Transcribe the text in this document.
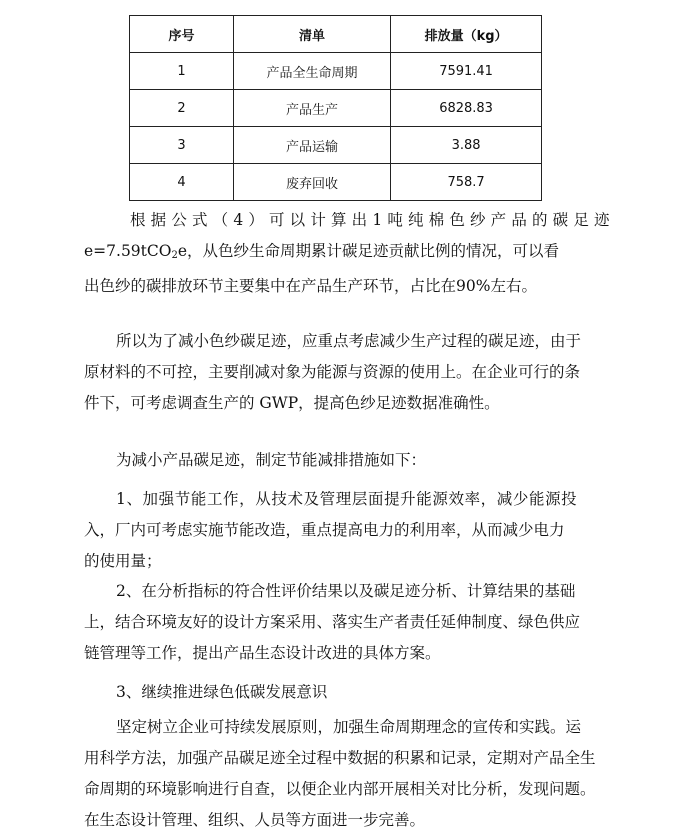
序号	清单	排放量（kg）
1	产品全生命周期	7591.41
2	产品生产	6828.83
3	产品运输	3.88
4	废弃回收	758.7
根据公式（4）可以计算出1吨纯棉色纱产品的碳足迹
e=7.59tCO$_2$e，从色纱生命周期累计碳足迹贡献比例的情况，可以看
出色纱的碳排放环节主要集中在产品生产环节，占比在90%左右。
所以为了减小色纱碳足迹，应重点考虑减少生产过程的碳足迹，由于
原材料的不可控，主要削减对象为能源与资源的使用上。在企业可行的条
件下，可考虑调查生产的 GWP，提高色纱足迹数据准确性。
为减小产品碳足迹，制定节能减排措施如下：
1、加强节能工作，从技术及管理层面提升能源效率，减少能源投
入，厂内可考虑实施节能改造，重点提高电力的利用率，从而减少电力
的使用量；
2、在分析指标的符合性评价结果以及碳足迹分析、计算结果的基础
上，结合环境友好的设计方案采用、落实生产者责任延伸制度、绿色供应
链管理等工作，提出产品生态设计改进的具体方案。
3、继续推进绿色低碳发展意识
坚定树立企业可持续发展原则，加强生命周期理念的宣传和实践。运
用科学方法，加强产品碳足迹全过程中数据的积累和记录，定期对产品全生
命周期的环境影响进行自查，以便企业内部开展相关对比分析，发现问题。
在生态设计管理、组织、人员等方面进一步完善。
